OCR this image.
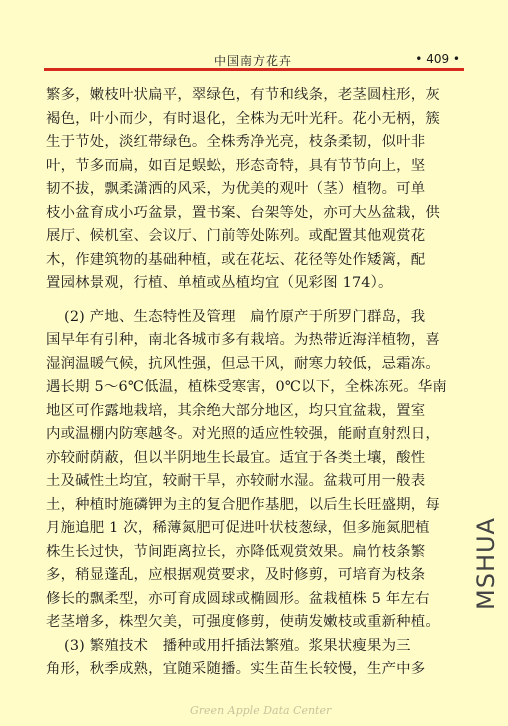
中国南方花卉	• 409 •
繁多，嫩枝叶状扁平，翠绿色，有节和线条，老茎圆柱形，灰
褐色，叶小而少，有时退化，全株为无叶光秆。花小无柄，簇
生于节处，淡红带绿色。全株秀净光亮，枝条柔韧，似叶非
叶，节多而扁，如百足蜈蚣，形态奇特，具有节节向上，坚
韧不拔，飘柔潇洒的风采，为优美的观叶（茎）植物。可单
枝小盆育成小巧盆景，置书案、台架等处，亦可大丛盆栽，供
展厅、候机室、会议厅、门前等处陈列。或配置其他观赏花
木，作建筑物的基础种植，或在花坛、花径等处作矮篱，配
置园林景观，行植、单植或丛植均宜（见彩图 174）。
(2) 产地、生态特性及管理　扁竹原产于所罗门群岛，我
国早年有引种，南北各城市多有栽培。为热带近海洋植物，喜
湿润温暖气候，抗风性强，但忌干风，耐寒力较低，忌霜冻。
遇长期 5～6℃低温，植株受寒害，0℃以下，全株冻死。华南
地区可作露地栽培，其余绝大部分地区，均只宜盆栽，置室
内或温棚内防寒越冬。对光照的适应性较强，能耐直射烈日，
亦较耐荫蔽，但以半阴地生长最宜。适宜于各类土壤，酸性
土及碱性土均宜，较耐干旱，亦较耐水湿。盆栽可用一般表
土，种植时施磷钾为主的复合肥作基肥，以后生长旺盛期，每
月施追肥 1 次，稀薄氮肥可促进叶状枝葱绿，但多施氮肥植
株生长过快，节间距离拉长，亦降低观赏效果。扁竹枝条繁
多，稍显蓬乱，应根据观赏要求，及时修剪，可培育为枝条
修长的飘柔型，亦可育成圆球或椭圆形。盆栽植株 5 年左右
老茎增多，株型欠美，可强度修剪，使萌发嫩枝或重新种植。
(3) 繁殖技术　播种或用扦插法繁殖。浆果状瘦果为三
角形，秋季成熟，宜随采随播。实生苗生长较慢，生产中多
MSHUA
Green Apple Data Center
